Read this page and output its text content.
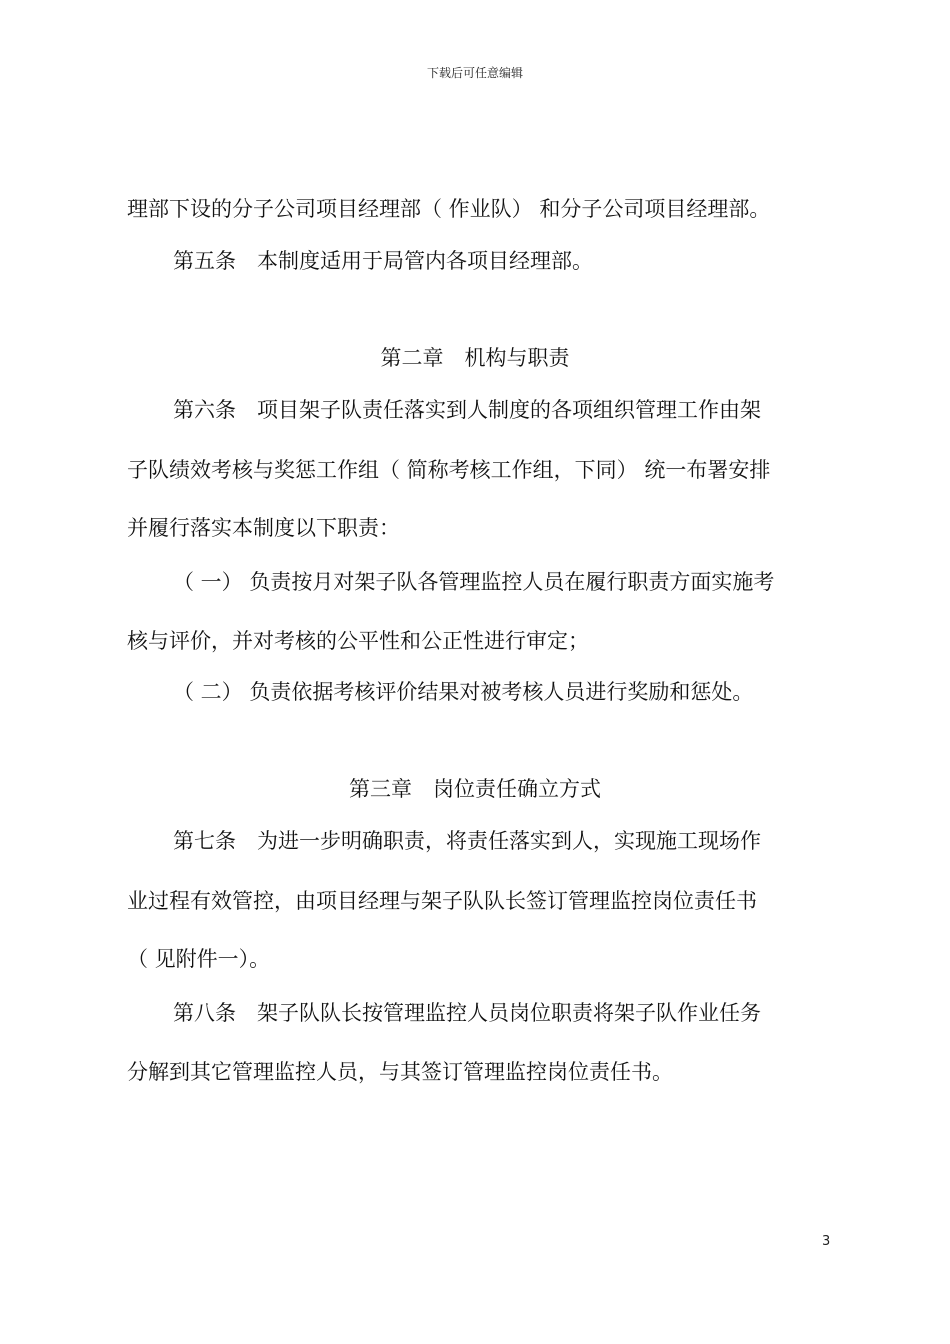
下载后可任意编辑
理部下设的分子公司项目经理部（ 作业队） 和分子公司项目经理部。
第五条　本制度适用于局管内各项目经理部。
第二章　机构与职责
第六条　项目架子队责任落实到人制度的各项组织管理工作由架
子队绩效考核与奖惩工作组（ 简称考核工作组，下同） 统一布署安排
并履行落实本制度以下职责：
（ 一） 负责按月对架子队各管理监控人员在履行职责方面实施考
核与评价，并对考核的公平性和公正性进行审定；
（ 二） 负责依据考核评价结果对被考核人员进行奖励和惩处。
第三章　岗位责任确立方式
第七条　为进一步明确职责，将责任落实到人，实现施工现场作
业过程有效管控，由项目经理与架子队队长签订管理监控岗位责任书
（ 见附件一）。
第八条　架子队队长按管理监控人员岗位职责将架子队作业任务
分解到其它管理监控人员，与其签订管理监控岗位责任书。
3
